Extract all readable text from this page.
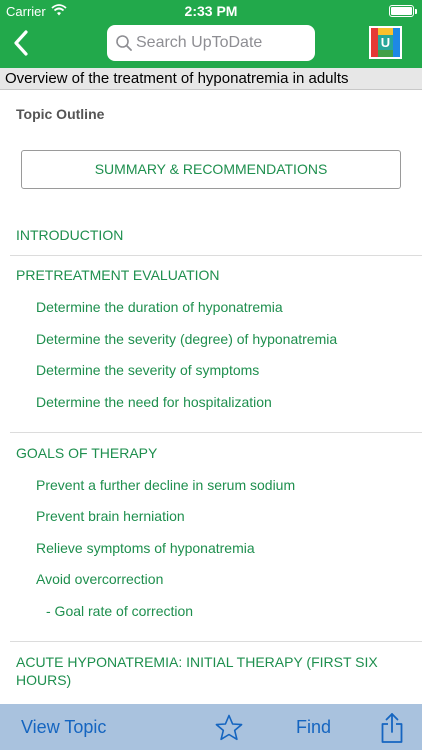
Carrier	2:33 PM
Search UpToDate
U
Overview of the treatment of hyponatremia in adults
Topic Outline
SUMMARY & RECOMMENDATIONS
INTRODUCTION
PRETREATMENT EVALUATION
Determine the duration of hyponatremia
Determine the severity (degree) of hyponatremia
Determine the severity of symptoms
Determine the need for hospitalization
GOALS OF THERAPY
Prevent a further decline in serum sodium
Prevent brain herniation
Relieve symptoms of hyponatremia
Avoid overcorrection
- Goal rate of correction
ACUTE HYPONATREMIA: INITIAL THERAPY (FIRST SIX HOURS)
View Topic	Find
